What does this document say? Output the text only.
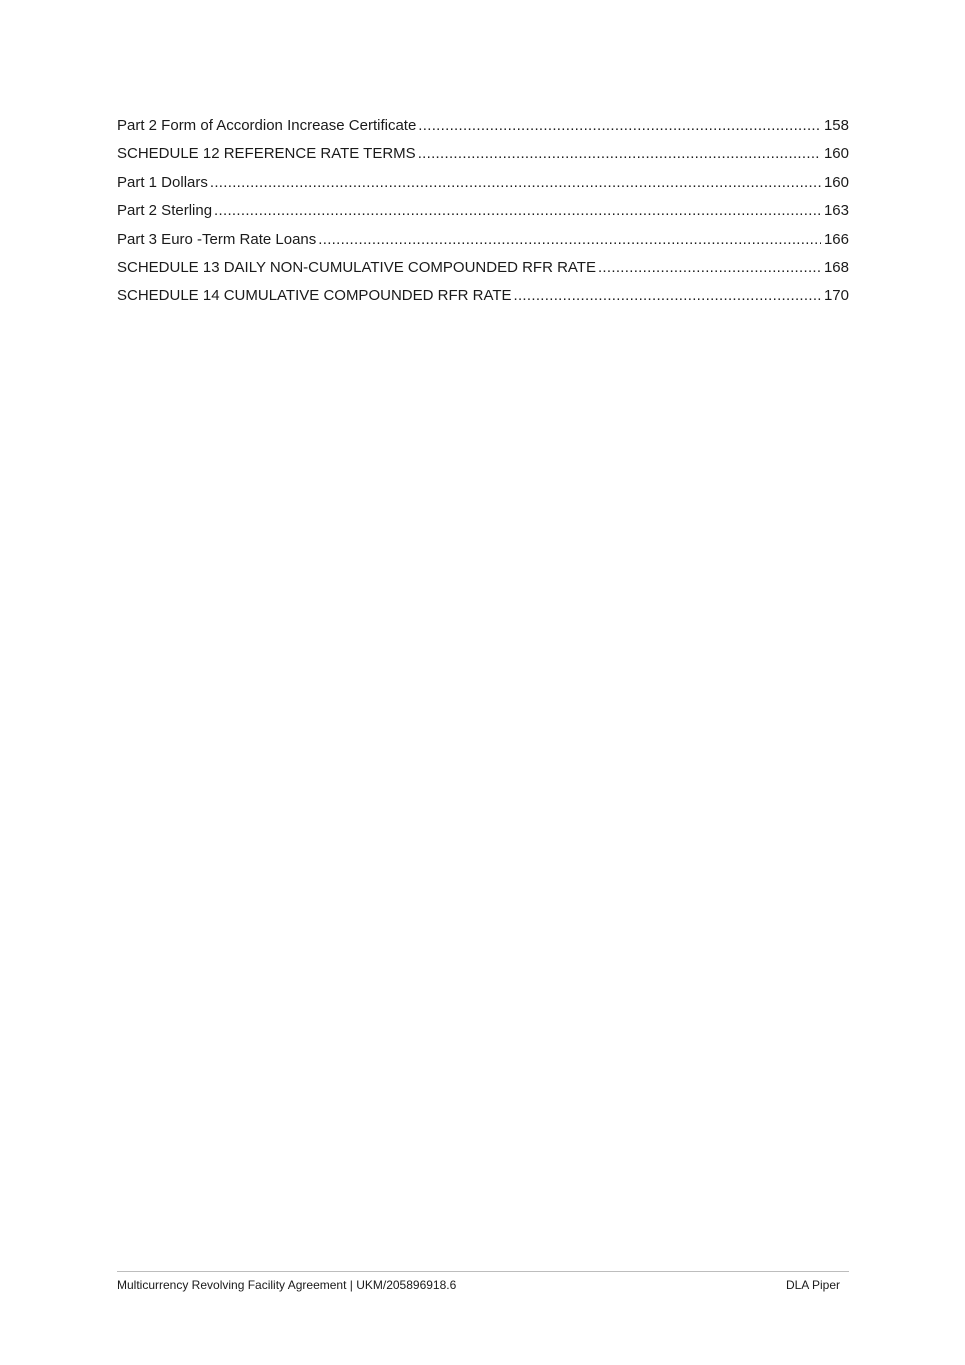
Part 2 Form of Accordion Increase Certificate .....	158
SCHEDULE 12 REFERENCE RATE TERMS .....	160
Part 1 Dollars .....	160
Part 2 Sterling .....	163
Part 3 Euro -Term Rate Loans .....	166
SCHEDULE 13 DAILY NON-CUMULATIVE COMPOUNDED RFR RATE .....	168
SCHEDULE 14 CUMULATIVE COMPOUNDED RFR RATE .....	170
Multicurrency Revolving Facility Agreement | UKM/205896918.6	DLA Piper
